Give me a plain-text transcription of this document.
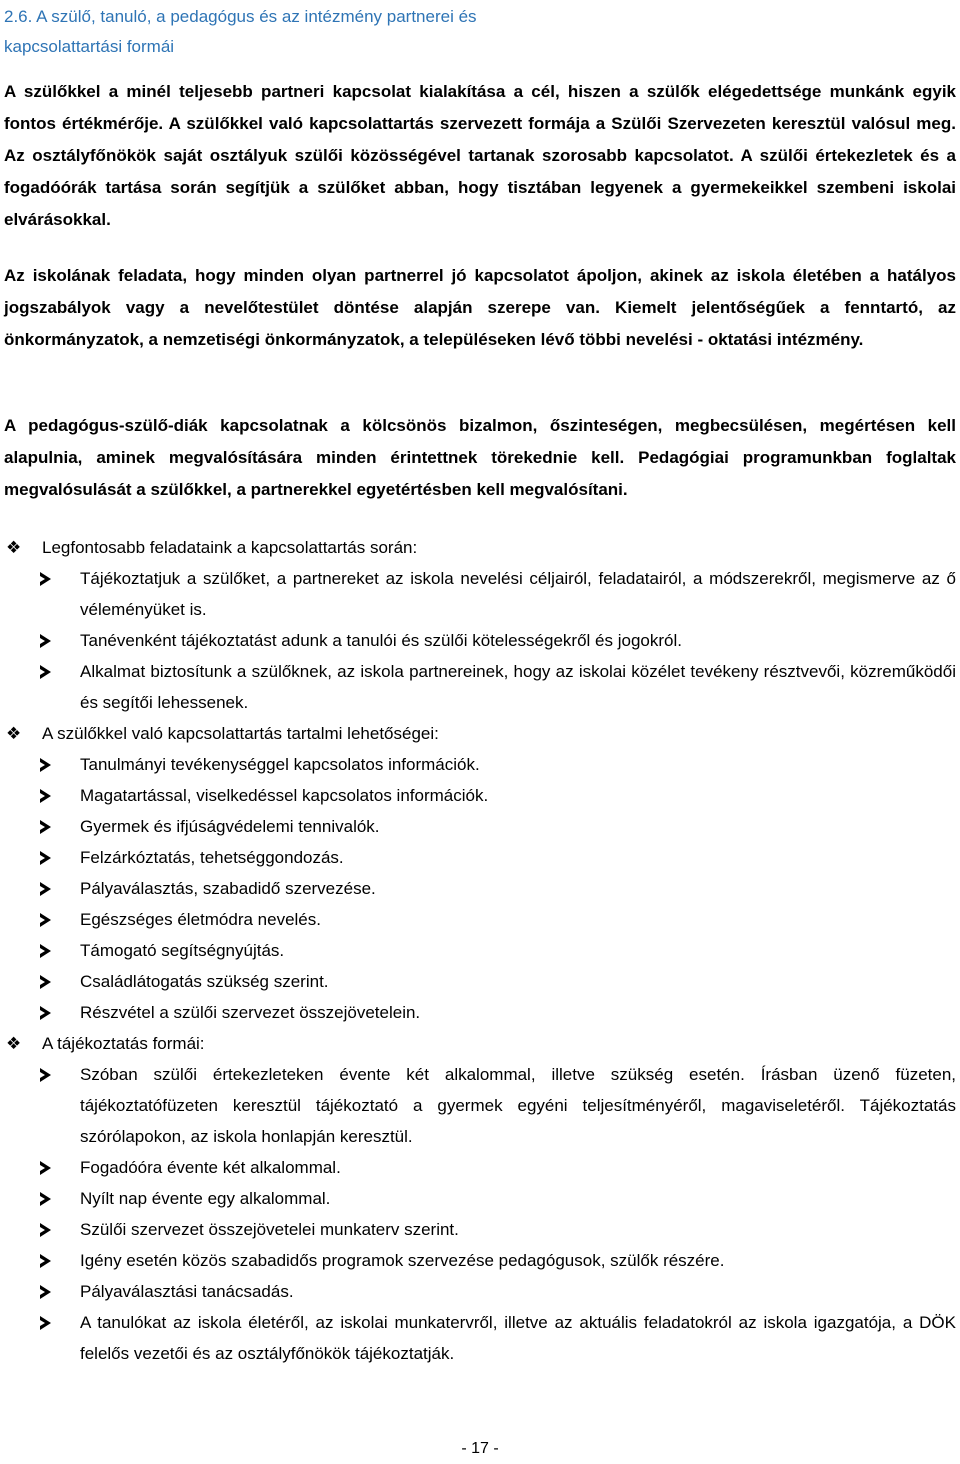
2.6. A szülő, tanuló, a pedagógus és az intézmény partnerei és kapcsolattartási formái
A szülőkkel a minél teljesebb partneri kapcsolat kialakítása a cél, hiszen a szülők elégedettsége munkánk egyik fontos értékmérője. A szülőkkel való kapcsolattartás szervezett formája a Szülői Szervezeten keresztül valósul meg. Az osztályfőnökök saját osztályuk szülői közösségével tartanak szorosabb kapcsolatot. A szülői értekezletek és a fogadóórák tartása során segítjük a szülőket abban, hogy tisztában legyenek a gyermekeikkel szembeni iskolai elvárásokkal.
Az iskolának feladata, hogy minden olyan partnerrel jó kapcsolatot ápoljon, akinek az iskola életében a hatályos jogszabályok vagy a nevelőtestület döntése alapján szerepe van. Kiemelt jelentőségűek a fenntartó, az önkormányzatok, a nemzetiségi önkormányzatok, a településeken lévő többi nevelési - oktatási intézmény.
A pedagógus-szülő-diák kapcsolatnak a kölcsönös bizalmon, őszinteségen, megbecsülésen, megértésen kell alapulnia, aminek megvalósítására minden érintettnek törekednie kell. Pedagógiai programunkban foglaltak megvalósulását a szülőkkel, a partnerekkel egyetértésben kell megvalósítani.
❖ Legfontosabb feladataink a kapcsolattartás során:
Tájékoztatjuk a szülőket, a partnereket az iskola nevelési céljairól, feladatairól, a módszerekről, megismerve az ő véleményüket is.
Tanévenként tájékoztatást adunk a tanulói és szülői kötelességekről és jogokról.
Alkalmat biztosítunk a szülőknek, az iskola partnereinek, hogy az iskolai közélet tevékeny résztvevői, közreműködői és segítői lehessenek.
❖ A szülőkkel való kapcsolattartás tartalmi lehetőségei:
Tanulmányi tevékenységgel kapcsolatos információk.
Magatartással, viselkedéssel kapcsolatos információk.
Gyermek és ifjúságvédelemi tennivalók.
Felzárkóztatás, tehetséggondozás.
Pályaválasztás, szabadidő szervezése.
Egészséges életmódra nevelés.
Támogató segítségnyújtás.
Családlátogatás szükség szerint.
Részvétel a szülői szervezet összejövetelein.
❖ A tájékoztatás formái:
Szóban szülői értekezleteken évente két alkalommal, illetve szükség esetén. Írásban üzenő füzeten, tájékoztatófüzeten keresztül tájékoztató a gyermek egyéni teljesítményéről, magaviseletéről. Tájékoztatás szórólapokon, az iskola honlapján keresztül.
Fogadóóra évente két alkalommal.
Nyílt nap évente egy alkalommal.
Szülői szervezet összejövetelei munkaterv szerint.
Igény esetén közös szabadidős programok szervezése pedagógusok, szülők részére.
Pályaválasztási tanácsadás.
A tanulókat az iskola életéről, az iskolai munkatervről, illetve az aktuális feladatokról az iskola igazgatója, a DÖK felelős vezetői és az osztályfőnökök tájékoztatják.
- 17 -
